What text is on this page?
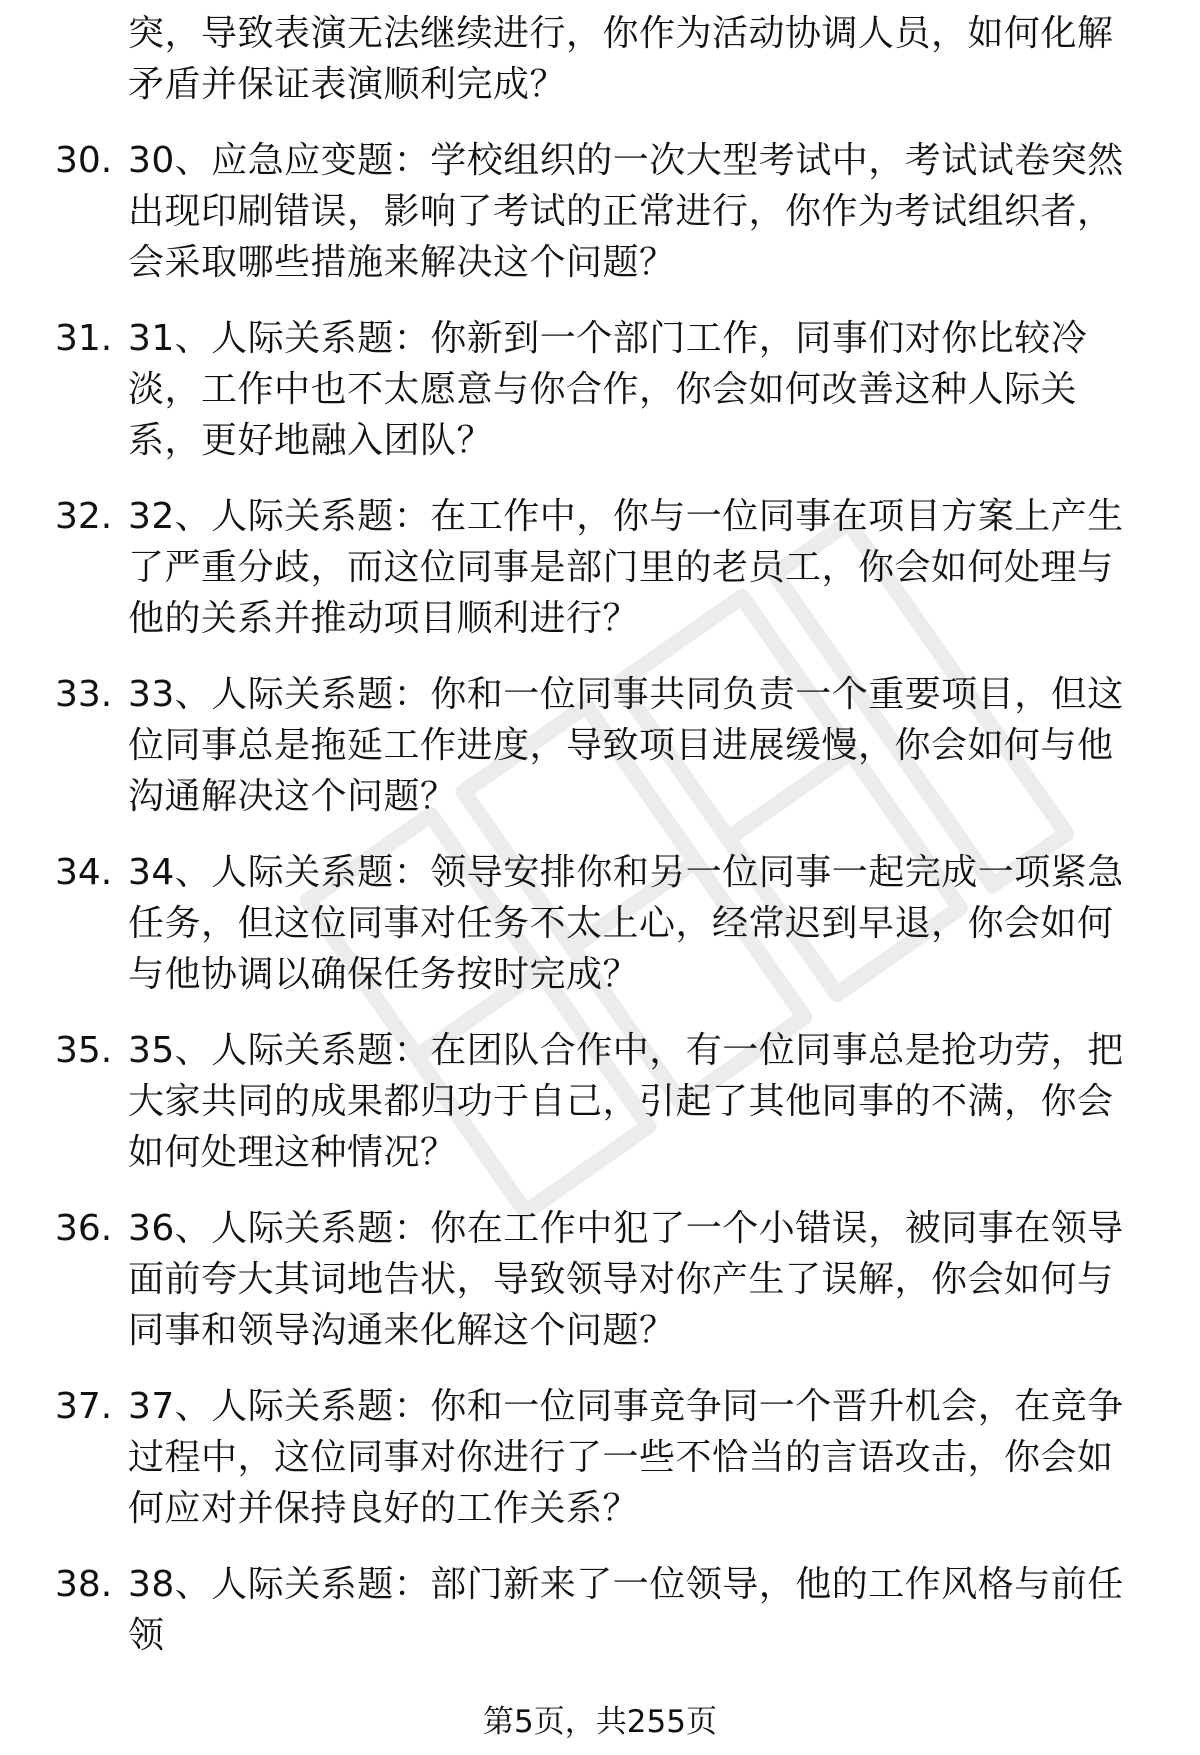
突，导致表演无法继续进行，你作为活动协调人员，如何化解矛盾并保证表演顺利完成？
30. 30、应急应变题：学校组织的一次大型考试中，考试试卷突然出现印刷错误，影响了考试的正常进行，你作为考试组织者，会采取哪些措施来解决这个问题？
31. 31、人际关系题：你新到一个部门工作，同事们对你比较冷淡，工作中也不太愿意与你合作，你会如何改善这种人际关系，更好地融入团队？
32. 32、人际关系题：在工作中，你与一位同事在项目方案上产生了严重分歧，而这位同事是部门里的老员工，你会如何处理与他的关系并推动项目顺利进行？
33. 33、人际关系题：你和一位同事共同负责一个重要项目，但这位同事总是拖延工作进度，导致项目进展缓慢，你会如何与他沟通解决这个问题？
34. 34、人际关系题：领导安排你和另一位同事一起完成一项紧急任务，但这位同事对任务不太上心，经常迟到早退，你会如何与他协调以确保任务按时完成？
35. 35、人际关系题：在团队合作中，有一位同事总是抢功劳，把大家共同的成果都归功于自己，引起了其他同事的不满，你会如何处理这种情况？
36. 36、人际关系题：你在工作中犯了一个小错误，被同事在领导面前夸大其词地告状，导致领导对你产生了误解，你会如何与同事和领导沟通来化解这个问题？
37. 37、人际关系题：你和一位同事竞争同一个晋升机会，在竞争过程中，这位同事对你进行了一些不恰当的言语攻击，你会如何应对并保持良好的工作关系？
38. 38、人际关系题：部门新来了一位领导，他的工作风格与前任领
第5页，共255页
